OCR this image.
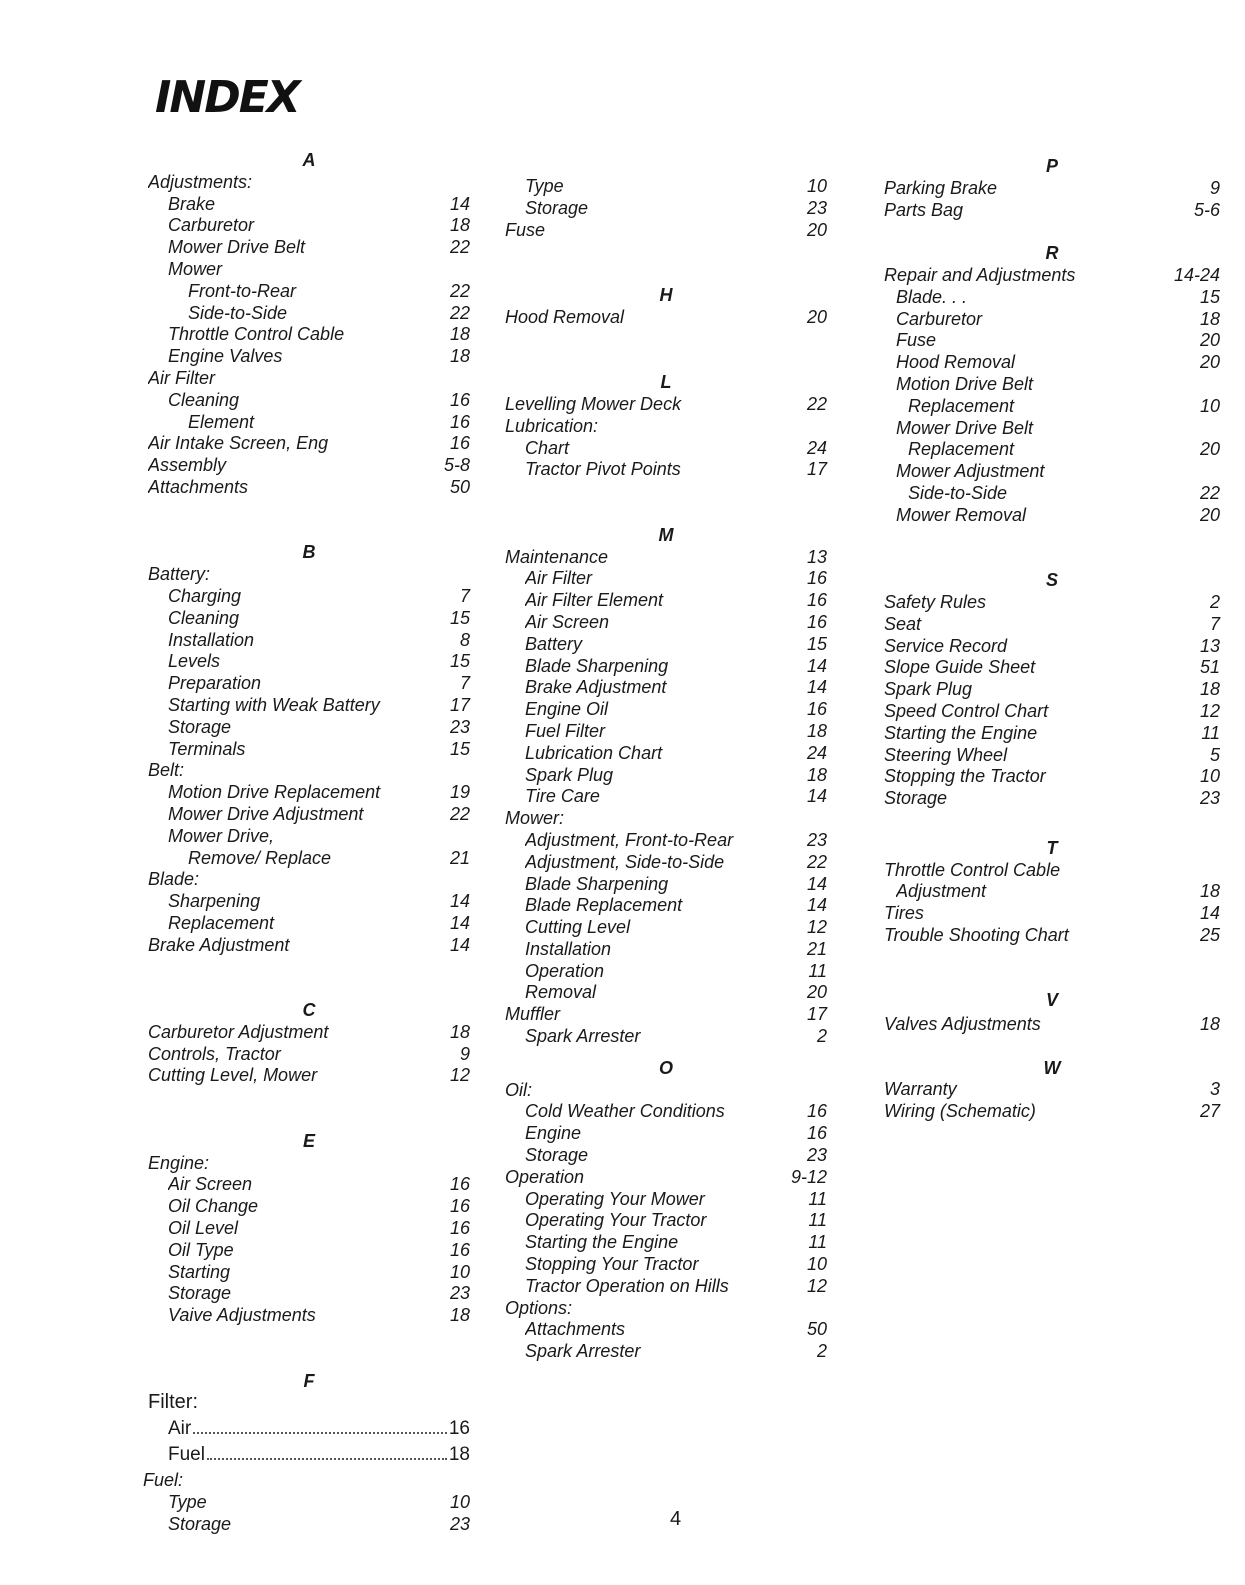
INDEX
A
Adjustments:
Brake	14
Carburetor	18
Mower Drive Belt	22
Mower
Front-to-Rear	22
Side-to-Side	22
Throttle Control Cable	18
Engine Valves	18
Air Filter
Cleaning	16
Element	16
Air Intake Screen, Eng	16
Assembly	5-8
Attachments	50
B
Battery:
Charging	7
Cleaning	15
Installation	8
Levels	15
Preparation	7
Starting with Weak Battery	17
Storage	23
Terminals	15
Belt:
Motion Drive Replacement	19
Mower Drive Adjustment	22
Mower Drive,
Remove/ Replace	21
Blade:
Sharpening	14
Replacement	14
Brake Adjustment	14
C
Carburetor Adjustment	18
Controls, Tractor	9
Cutting Level, Mower	12
E
Engine:
Air Screen	16
Oil Change	16
Oil Level	16
Oil Type	16
Starting	10
Storage	23
Vaive Adjustments	18
F
Filter:
Air	16
Fuel	18
Fuel:
Type	10
Storage	23
Type	10
Storage	23
Fuse	20
H
Hood Removal	20
L
Levelling Mower Deck	22
Lubrication:
Chart	24
Tractor Pivot Points	17
M
Maintenance	13
Air Filter	16
Air Filter Element	16
Air Screen	16
Battery	15
Blade Sharpening	14
Brake Adjustment	14
Engine Oil	16
Fuel Filter	18
Lubrication Chart	24
Spark Plug	18
Tire Care	14
Mower:
Adjustment, Front-to-Rear	23
Adjustment, Side-to-Side	22
Blade Sharpening	14
Blade Replacement	14
Cutting Level	12
Installation	21
Operation	11
Removal	20
Muffler	17
Spark Arrester	2
O
Oil:
Cold Weather Conditions	16
Engine	16
Storage	23
Operation	9-12
Operating Your Mower	11
Operating Your Tractor	11
Starting the Engine	11
Stopping Your Tractor	10
Tractor Operation on Hills	12
Options:
Attachments	50
Spark Arrester	2
P
Parking Brake	9
Parts Bag	5-6
R
Repair and Adjustments	14-24
Blade. . .	15
Carburetor	18
Fuse	20
Hood Removal	20
Motion Drive Belt
Replacement	10
Mower Drive Belt
Replacement	20
Mower Adjustment
Side-to-Side	22
Mower Removal	20
S
Safety Rules	2
Seat	7
Service Record	13
Slope Guide Sheet	51
Spark Plug	18
Speed Control Chart	12
Starting the Engine	11
Steering Wheel	5
Stopping the Tractor	10
Storage	23
T
Throttle Control Cable
Adjustment	18
Tires	14
Trouble Shooting Chart	25
V
Valves Adjustments	18
W
Warranty	3
Wiring (Schematic)	27
4
